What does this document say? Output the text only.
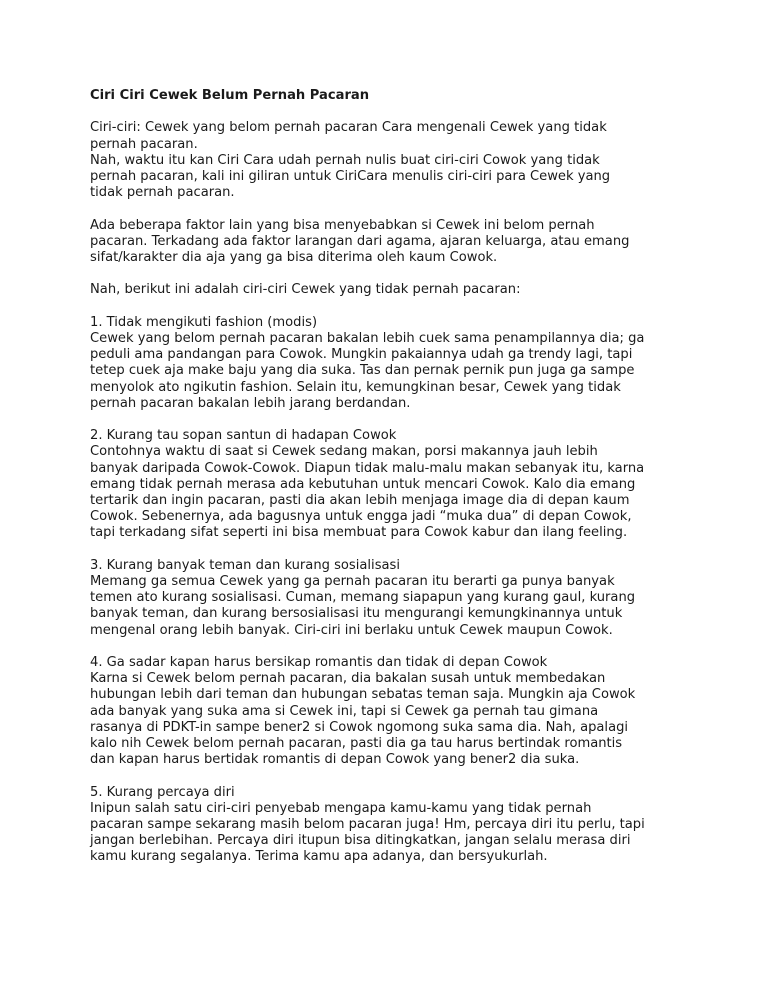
Ciri Ciri Cewek Belum Pernah Pacaran
Ciri-ciri: Cewek yang belom pernah pacaran Cara mengenali Cewek yang tidak
pernah pacaran.
Nah, waktu itu kan Ciri Cara udah pernah nulis buat ciri-ciri Cowok yang tidak
pernah pacaran, kali ini giliran untuk CiriCara menulis ciri-ciri para Cewek yang
tidak pernah pacaran.
Ada beberapa faktor lain yang bisa menyebabkan si Cewek ini belom pernah
pacaran. Terkadang ada faktor larangan dari agama, ajaran keluarga, atau emang
sifat/karakter dia aja yang ga bisa diterima oleh kaum Cowok.
Nah, berikut ini adalah ciri-ciri Cewek yang tidak pernah pacaran:
1. Tidak mengikuti fashion (modis)
Cewek yang belom pernah pacaran bakalan lebih cuek sama penampilannya dia; ga
peduli ama pandangan para Cowok. Mungkin pakaiannya udah ga trendy lagi, tapi
tetep cuek aja make baju yang dia suka. Tas dan pernak pernik pun juga ga sampe
menyolok ato ngikutin fashion. Selain itu, kemungkinan besar, Cewek yang tidak
pernah pacaran bakalan lebih jarang berdandan.
2. Kurang tau sopan santun di hadapan Cowok
Contohnya waktu di saat si Cewek sedang makan, porsi makannya jauh lebih
banyak daripada Cowok-Cowok. Diapun tidak malu-malu makan sebanyak itu, karna
emang tidak pernah merasa ada kebutuhan untuk mencari Cowok. Kalo dia emang
tertarik dan ingin pacaran, pasti dia akan lebih menjaga image dia di depan kaum
Cowok. Sebenernya, ada bagusnya untuk engga jadi “muka dua” di depan Cowok,
tapi terkadang sifat seperti ini bisa membuat para Cowok kabur dan ilang feeling.
3. Kurang banyak teman dan kurang sosialisasi
Memang ga semua Cewek yang ga pernah pacaran itu berarti ga punya banyak
temen ato kurang sosialisasi. Cuman, memang siapapun yang kurang gaul, kurang
banyak teman, dan kurang bersosialisasi itu mengurangi kemungkinannya untuk
mengenal orang lebih banyak. Ciri-ciri ini berlaku untuk Cewek maupun Cowok.
4. Ga sadar kapan harus bersikap romantis dan tidak di depan Cowok
Karna si Cewek belom pernah pacaran, dia bakalan susah untuk membedakan
hubungan lebih dari teman dan hubungan sebatas teman saja. Mungkin aja Cowok
ada banyak yang suka ama si Cewek ini, tapi si Cewek ga pernah tau gimana
rasanya di PDKT-in sampe bener2 si Cowok ngomong suka sama dia. Nah, apalagi
kalo nih Cewek belom pernah pacaran, pasti dia ga tau harus bertindak romantis
dan kapan harus bertidak romantis di depan Cowok yang bener2 dia suka.
5. Kurang percaya diri
Inipun salah satu ciri-ciri penyebab mengapa kamu-kamu yang tidak pernah
pacaran sampe sekarang masih belom pacaran juga! Hm, percaya diri itu perlu, tapi
jangan berlebihan. Percaya diri itupun bisa ditingkatkan, jangan selalu merasa diri
kamu kurang segalanya. Terima kamu apa adanya, dan bersyukurlah.
